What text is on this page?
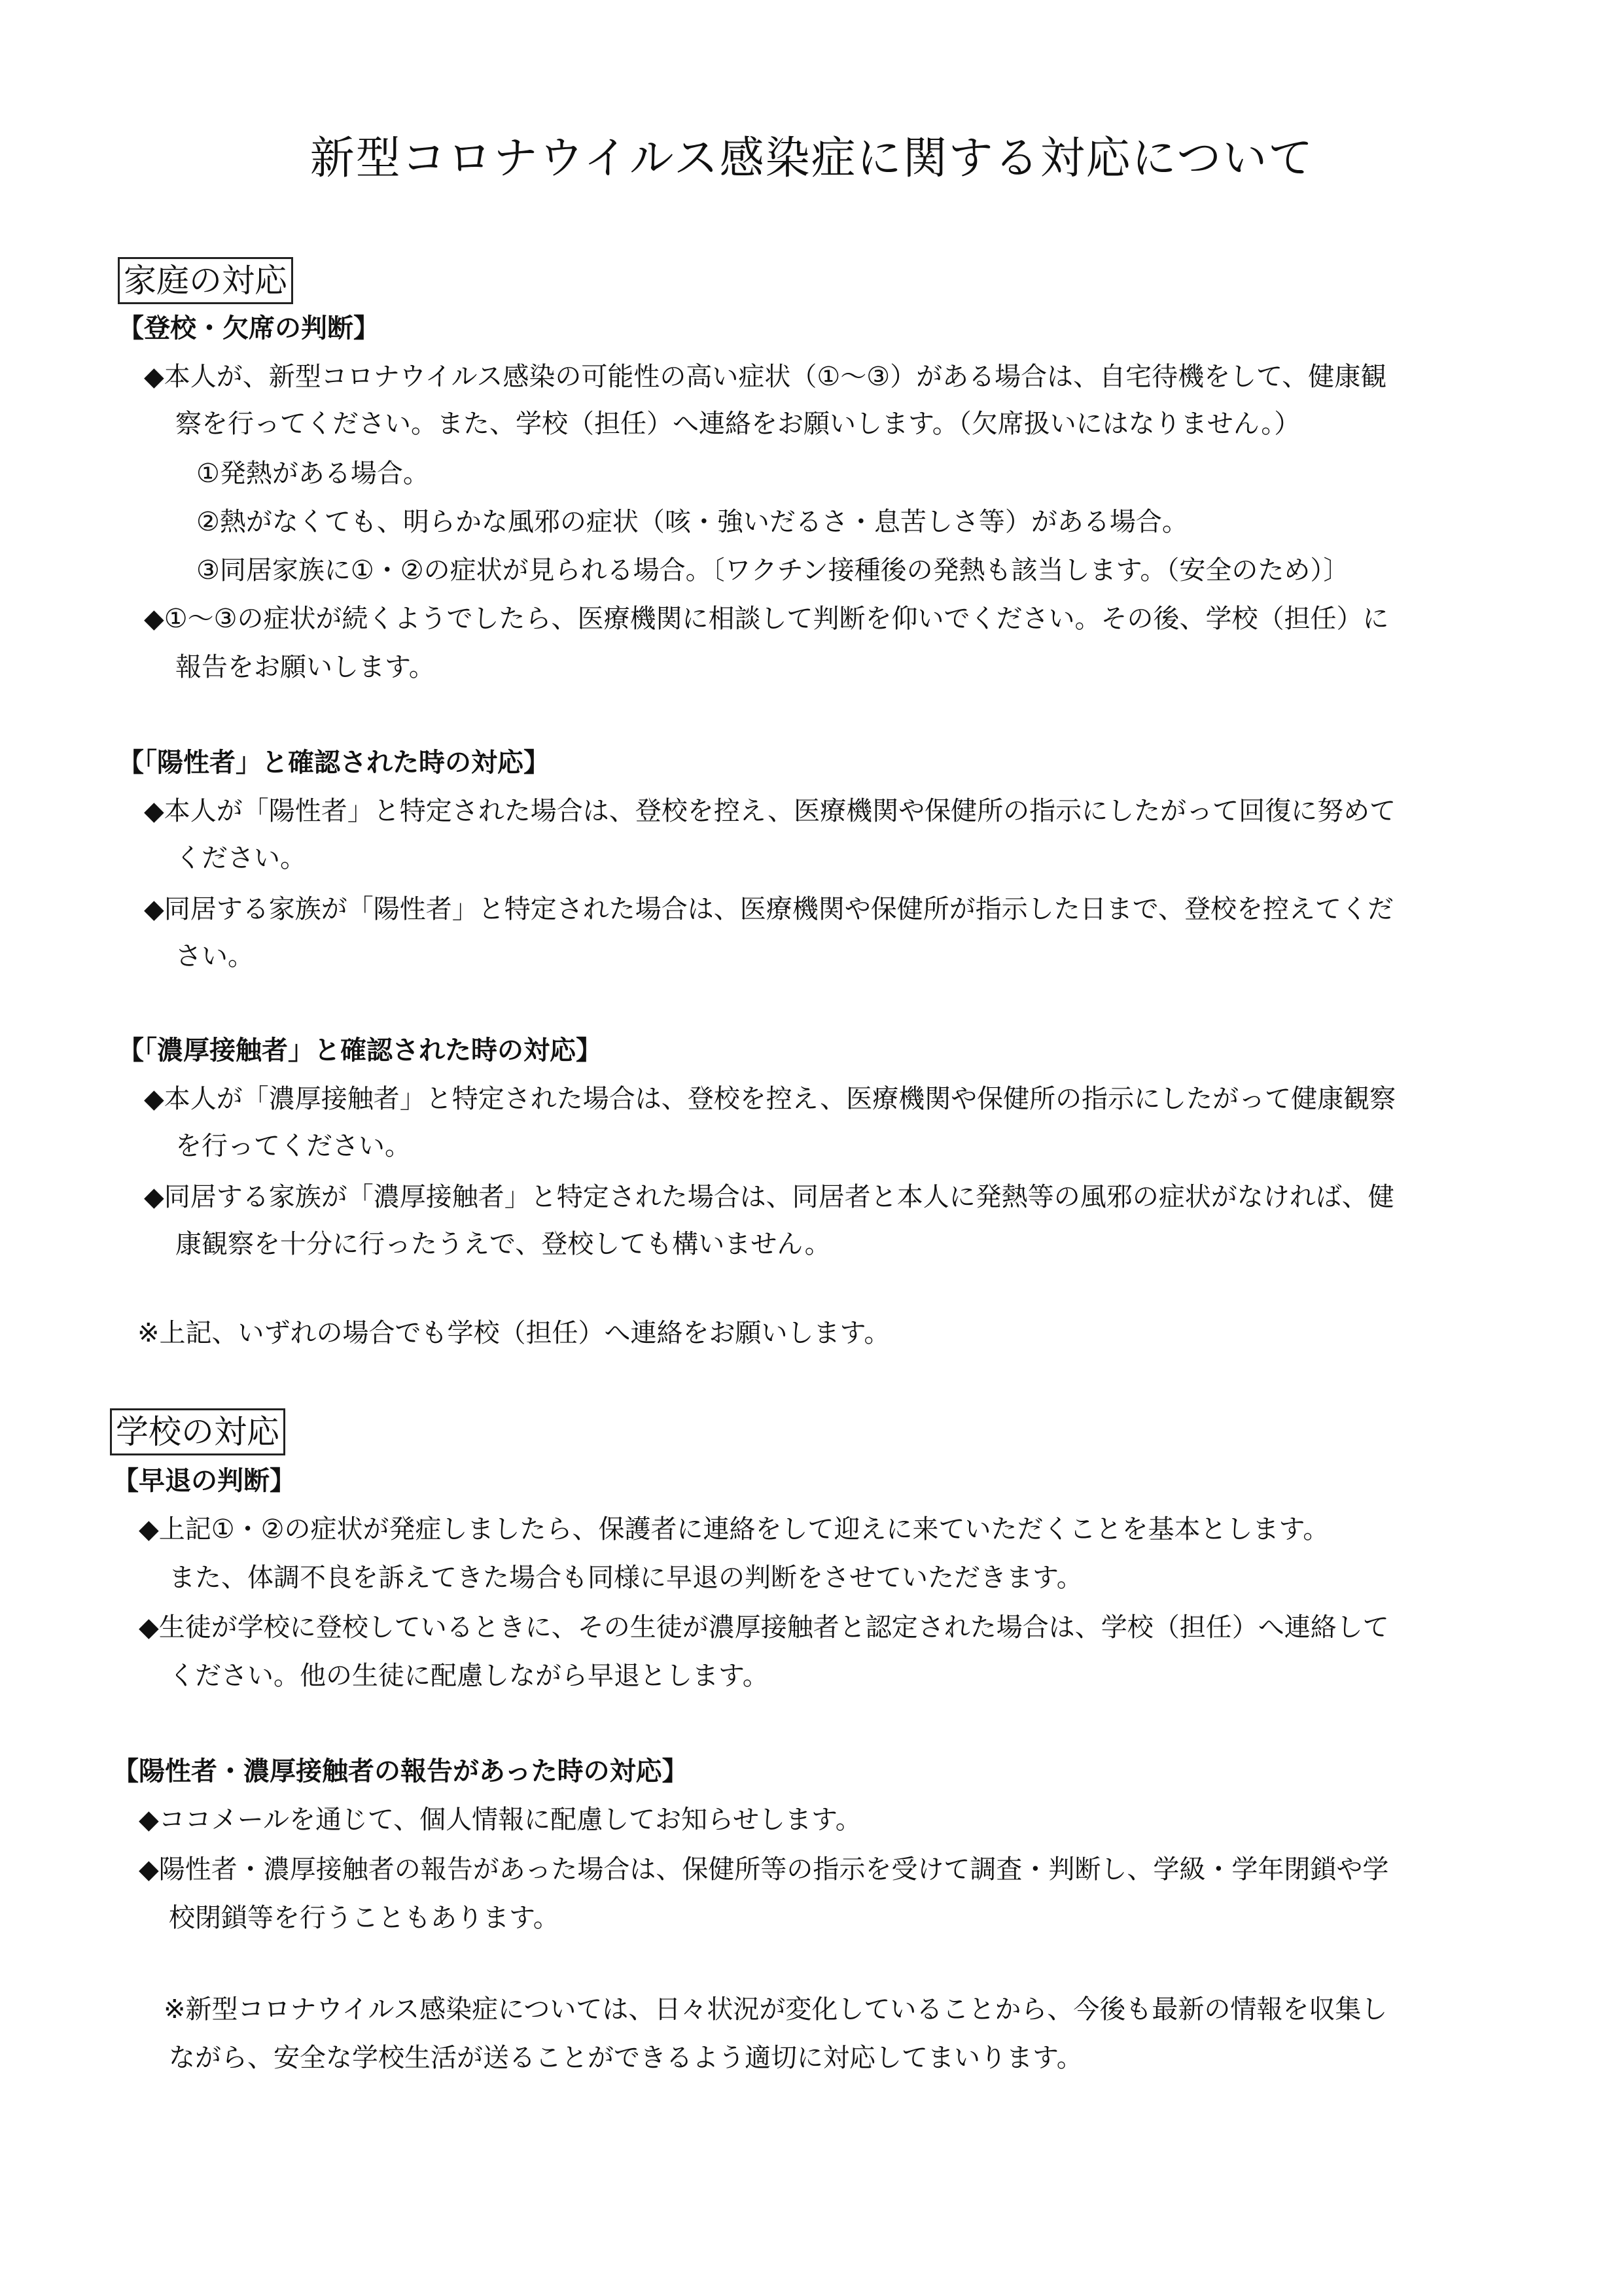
新型コロナウイルス感染症に関する対応について
家庭の対応
【登校・欠席の判断】
◆本人が、新型コロナウイルス感染の可能性の高い症状（①～③）がある場合は、自宅待機をして、健康観
察を行ってください。また、学校（担任）へ連絡をお願いします。（欠席扱いにはなりません。）
①発熱がある場合。
②熱がなくても、明らかな風邪の症状（咳・強いだるさ・息苦しさ等）がある場合。
③同居家族に①・②の症状が見られる場合。〔ワクチン接種後の発熱も該当します。（安全のため）〕
◆①～③の症状が続くようでしたら、医療機関に相談して判断を仰いでください。その後、学校（担任）に
報告をお願いします。
【「陽性者」と確認された時の対応】
◆本人が「陽性者」と特定された場合は、登校を控え、医療機関や保健所の指示にしたがって回復に努めて
ください。
◆同居する家族が「陽性者」と特定された場合は、医療機関や保健所が指示した日まで、登校を控えてくだ
さい。
【「濃厚接触者」と確認された時の対応】
◆本人が「濃厚接触者」と特定された場合は、登校を控え、医療機関や保健所の指示にしたがって健康観察
を行ってください。
◆同居する家族が「濃厚接触者」と特定された場合は、同居者と本人に発熱等の風邪の症状がなければ、健
康観察を十分に行ったうえで、登校しても構いません。
※上記、いずれの場合でも学校（担任）へ連絡をお願いします。
学校の対応
【早退の判断】
◆上記①・②の症状が発症しましたら、保護者に連絡をして迎えに来ていただくことを基本とします。
また、体調不良を訴えてきた場合も同様に早退の判断をさせていただきます。
◆生徒が学校に登校しているときに、その生徒が濃厚接触者と認定された場合は、学校（担任）へ連絡して
ください。他の生徒に配慮しながら早退とします。
【陽性者・濃厚接触者の報告があった時の対応】
◆ココメールを通じて、個人情報に配慮してお知らせします。
◆陽性者・濃厚接触者の報告があった場合は、保健所等の指示を受けて調査・判断し、学級・学年閉鎖や学
校閉鎖等を行うこともあります。
※新型コロナウイルス感染症については、日々状況が変化していることから、今後も最新の情報を収集し
ながら、安全な学校生活が送ることができるよう適切に対応してまいります。
